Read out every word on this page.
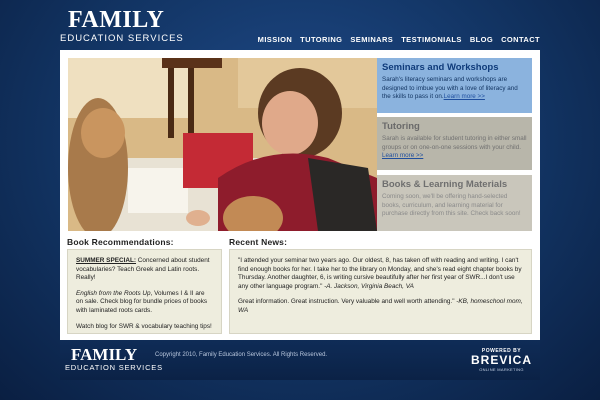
FAMILY
EDUCATION SERVICES	MISSION TUTORING SEMINARS TESTIMONIALS BLOG CONTACT
Seminars and Workshops

Sarah's literacy seminars and workshops are designed to imbue you with a love of literacy and the skills to pass it on.Learn more >>

Tutoring

Sarah is available for student tutoring in either small groups or on one-on-one sessions with your child. Learn more >>

Books & Learning Materials

Coming soon, we'll be offering hand-selected books, curriculum, and learning material for purchase directly from this site. Check back soon!

Book Recommendations:	Recent News:

SUMMER SPECIAL: Concerned about student vocabularies? Teach Greek and Latin roots. Really!

English from the Roots Up, Volumes I & II are on sale. Check blog for bundle prices of books with laminated roots cards.

Watch blog for SWR & vocabulary teaching tips!

"I attended your seminar two years ago. Our oldest, 8, has taken off with reading and writing. I can't find enough books for her. I take her to the library on Monday, and she's read eight chapter books by Thursday. Another daughter, 6, is writing cursive beautifully after her first year of SWR...I don't use any other language program." -A. Jackson, Virginia Beach, VA

Great information. Great instruction. Very valuable and well worth attending." -KB, homeschool mom, WA

FAMILY
EDUCATION SERVICES
Copyright 2010, Family Education Services. All Rights Reserved.
POWERED BY
BREVICA
ONLINE MARKETING
